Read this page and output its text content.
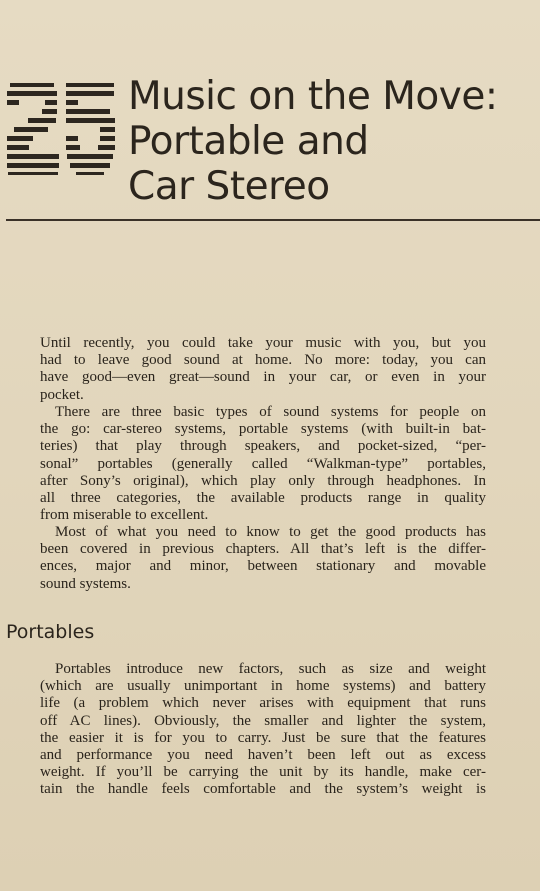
Music on the Move:
Portable and
Car Stereo

Until recently, you could take your music with you, but you
had to leave good sound at home. No more: today, you can
have good—even great—sound in your car, or even in your
pocket.

There are three basic types of sound systems for people on
the go: car-stereo systems, portable systems (with built-in bat-
teries) that play through speakers, and pocket-sized, “per-
sonal” portables (generally called “Walkman-type” portables,
after Sony’s original), which play only through headphones. In
all three categories, the available products range in quality
from miserable to excellent.

Most of what you need to know to get the good products has
been covered in previous chapters. All that’s left is the differ-
ences, major and minor, between stationary and movable
sound systems.

Portables

Portables introduce new factors, such as size and weight
(which are usually unimportant in home systems) and battery
life (a problem which never arises with equipment that runs
off AC lines). Obviously, the smaller and lighter the system,
the easier it is for you to carry. Just be sure that the features
and performance you need haven’t been left out as excess
weight. If you’ll be carrying the unit by its handle, make cer-
tain the handle feels comfortable and the system’s weight is
